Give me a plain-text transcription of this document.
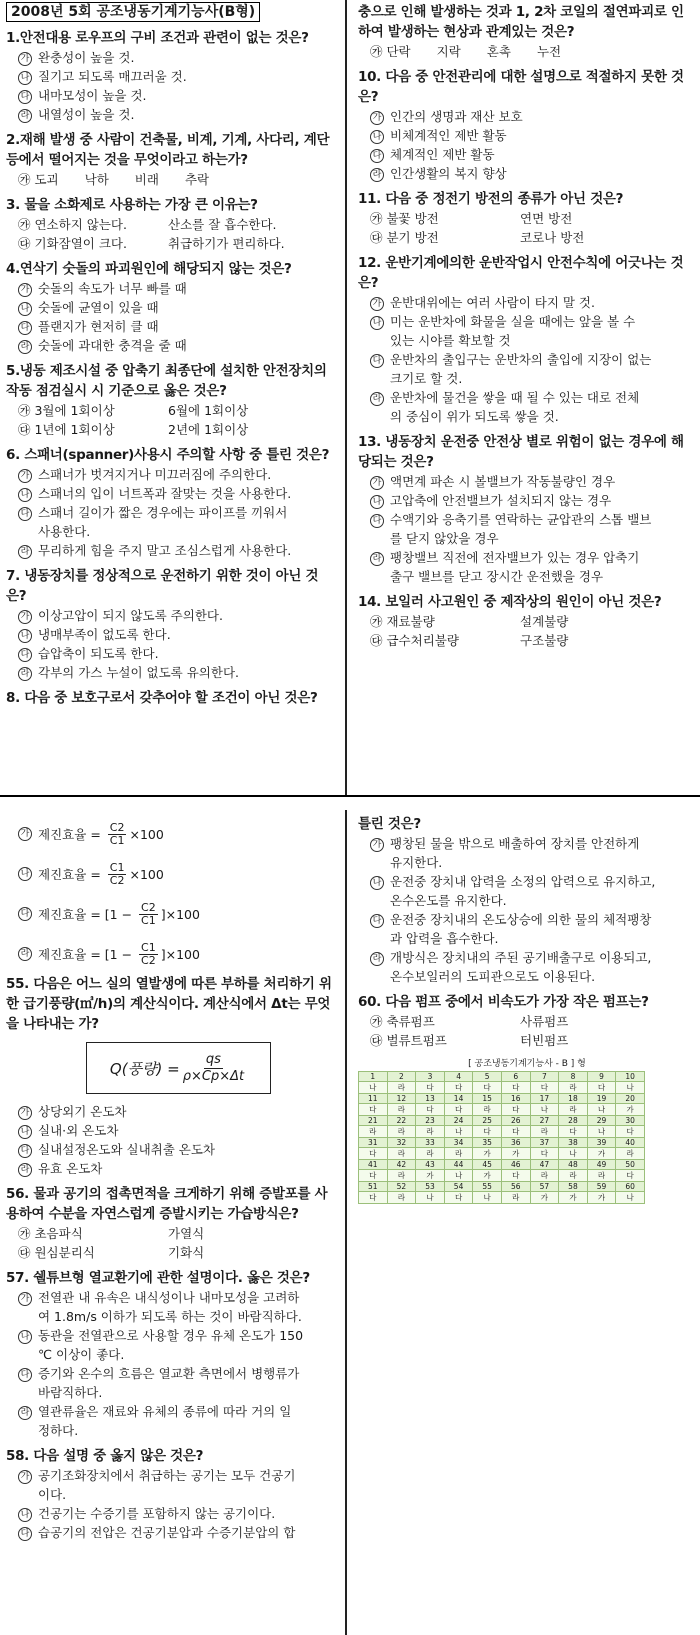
2008년 5회 공조냉동기계기능사(B형)
1.안전대용 로우프의 구비 조건과 관련이 없는 것은?
가 완충성이 높을 것.
나 질기고 되도록 매끄러울 것.
다 내마모성이 높을 것.
라 내열성이 높을 것.
2.재해 발생 중 사람이 건축물, 비계, 기계, 사다리, 계단 등에서 떨어지는 것을 무엇이라고 하는가?
㉮ 도괴 낙하 비래 추락
3. 물을 소화제로 사용하는 가장 큰 이유는?
㉮ 연소하지 않는다.	산소를 잘 흡수한다.
㉰ 기화잠열이 크다.	취급하기가 편리하다.
4.연삭기 숫돌의 파괴원인에 해당되지 않는 것은?
가 숫돌의 속도가 너무 빠를 때
나 숫돌에 균열이 있을 때
다 플랜지가 현저히 클 때
라 숫돌에 과대한 충격을 줄 때
5.냉동 제조시설 중 압축기 최종단에 설치한 안전장치의 작동 점검실시 시 기준으로 옳은 것은?
㉮ 3월에 1회이상	6월에 1회이상
㉰ 1년에 1회이상	2년에 1회이상
6. 스패너(spanner)사용시 주의할 사항 중 틀린 것은?
가 스패너가 벗겨지거나 미끄러짐에 주의한다.
나 스패너의 입이 너트폭과 잘맞는 것을 사용한다.
다 스패너 길이가 짧은 경우에는 파이프를 끼워서
사용한다.
라 무리하게 힘을 주지 말고 조심스럽게 사용한다.
7. 냉동장치를 정상적으로 운전하기 위한 것이 아닌 것은?
가 이상고압이 되지 않도록 주의한다.
나 냉매부족이 없도록 한다.
다 습압축이 되도록 한다.
라 각부의 가스 누설이 없도록 유의한다.
8. 다음 중 보호구로서 갖추어야 할 조건이 아닌 것은?
충으로 인해 발생하는 것과 1, 2차 코일의 절연파괴로 인하여 발생하는 현상과 관계있는 것은?
㉮ 단락 지락 혼촉 누전
10. 다음 중 안전관리에 대한 설명으로 적절하지 못한 것은?
가 인간의 생명과 재산 보호
나 비체계적인 제반 활동
다 체계적인 제반 활동
라 인간생활의 복지 향상
11. 다음 중 정전기 방전의 종류가 아닌 것은?
㉮ 불꽃 방전	연면 방전
㉰ 분기 방전	코로나 방전
12. 운반기계에의한 운반작업시 안전수칙에 어긋나는 것은?
가 운반대위에는 여러 사람이 타지 말 것.
나 미는 운반차에 화물을 실을 때에는 앞을 볼 수
있는 시야를 확보할 것
다 운반차의 출입구는 운반차의 출입에 지장이 없는
크기로 할 것.
라 운반차에 물건을 쌓을 때 될 수 있는 대로 전체
의 중심이 위가 되도록 쌓을 것.
13. 냉동장치 운전중 안전상 별로 위험이 없는 경우에 해당되는 것은?
가 액면계 파손 시 볼밸브가 작동불량인 경우
나 고압축에 안전밸브가 설치되지 않는 경우
다 수액기와 응축기를 연락하는 균압관의 스톱 밸브
를 닫지 않았을 경우
라 팽창밸브 직전에 전자밸브가 있는 경우 압축기
출구 밸브를 닫고 장시간 운전했을 경우
14. 보일러 사고원인 중 제작상의 원인이 아닌 것은?
㉮ 재료불량	설계불량
㉰ 급수처리불량	구조불량
가 제진효율 = $\frac{C2}{C1} \times 100$
나 제진효율 = $\frac{C1}{C2} \times 100$
다 제진효율 = $[1 - \frac{C2}{C1} ]\times 100$
라 제진효율 = $[1 - \frac{C1}{C2} ]\times 100$
55. 다음은 어느 실의 열발생에 따른 부하를 처리하기 위한 급기풍량(㎥/h)의 계산식이다. 계산식에서 Δt는 무엇을 나타내는 가?
Q(풍량) = $\frac{qs}{\rho\times Cp\times\Delta t}$
가 상당외기 온도차
나 실내·외 온도차
다 실내설정온도와 실내취출 온도차
라 유효 온도차
56. 물과 공기의 접촉면적을 크게하기 위해 증발포를 사용하여 수분을 자연스럽게 증발시키는 가습방식은?
㉮ 초음파식	가열식
㉰ 원심분리식	기화식
57. 쉘튜브형 열교환기에 관한 설명이다. 옳은 것은?
가 전열관 내 유속은 내식성이나 내마모성을 고려하
여 1.8m/s 이하가 되도록 하는 것이 바람직하다.
나 동관을 전열관으로 사용할 경우 유체 온도가 150
℃ 이상이 좋다.
다 증기와 온수의 흐름은 열교환 측면에서 병행류가
바람직하다.
라 열관류율은 재료와 유체의 종류에 따라 거의 일
정하다.
58. 다음 설명 중 옳지 않은 것은?
가 공기조화장치에서 취급하는 공기는 모두 건공기
이다.
나 건공기는 수증기를 포함하지 않는 공기이다.
다 습공기의 전압은 건공기분압과 수증기분압의 합
틀린 것은?
가 팽창된 물을 밖으로 배출하여 장치를 안전하게
유지한다.
나 운전중 장치내 압력을 소정의 압력으로 유지하고,
온수온도를 유지한다.
다 운전중 장치내의 온도상승에 의한 물의 체적팽창
과 압력을 흡수한다.
라 개방식은 장치내의 주된 공기배출구로 이용되고,
온수보일러의 도피관으로도 이용된다.
60. 다음 펌프 중에서 비속도가 가장 작은 펌프는?
㉮ 축류펌프	사류펌프
㉰ 벌류트펌프	터빈펌프
[ 공조냉동기계기능사 - B ] 형
1	2	3	4	5	6	7	8	9	10
나	라	다	다	다	다	다	라	다	나
11	12	13	14	15	16	17	18	19	20
다	라	다	다	라	다	나	라	나	가
21	22	23	24	25	26	27	28	29	30
라	라	라	나	다	다	라	다	나	다
31	32	33	34	35	36	37	38	39	40
다	라	라	라	가	가	다	나	가	라
41	42	43	44	45	46	47	48	49	50
다	라	가	나	가	다	라	라	라	다
51	52	53	54	55	56	57	58	59	60
다	라	나	다	나	라	가	가	가	나
